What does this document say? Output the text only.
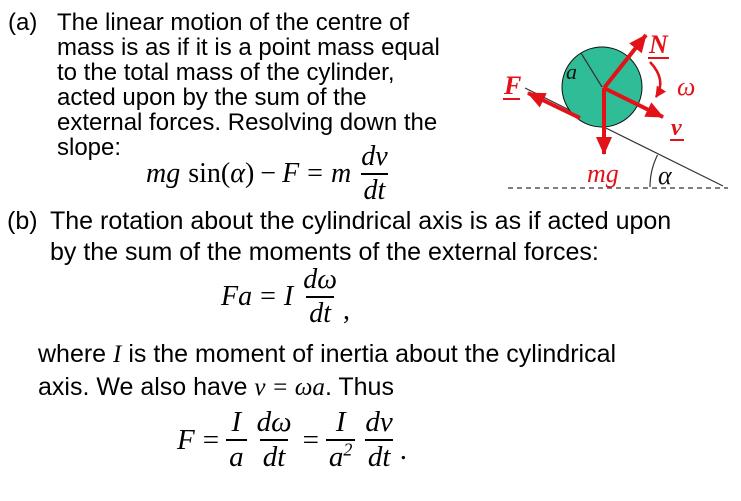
(a) The linear motion of the centre of
mass is as if it is a point mass equal
to the total mass of the cylinder,
acted upon by the sum of the
external forces. Resolving down the
slope:
mg sin( α ) − F = m $\frac{dv}{dt}$
(b) The rotation about the cylindrical axis is as if acted upon
by the sum of the moments of the external forces:
Fa = I $\frac{d\omega}{dt}$ ,
where I is the moment of inertia about the cylindrical
axis. We also have v = ωa. Thus
$F = \frac{I}{a} \frac{d\omega}{dt} = \frac{I}{a^2} \frac{dv}{dt}$ .
N
F
v
mg
ω
a
α
